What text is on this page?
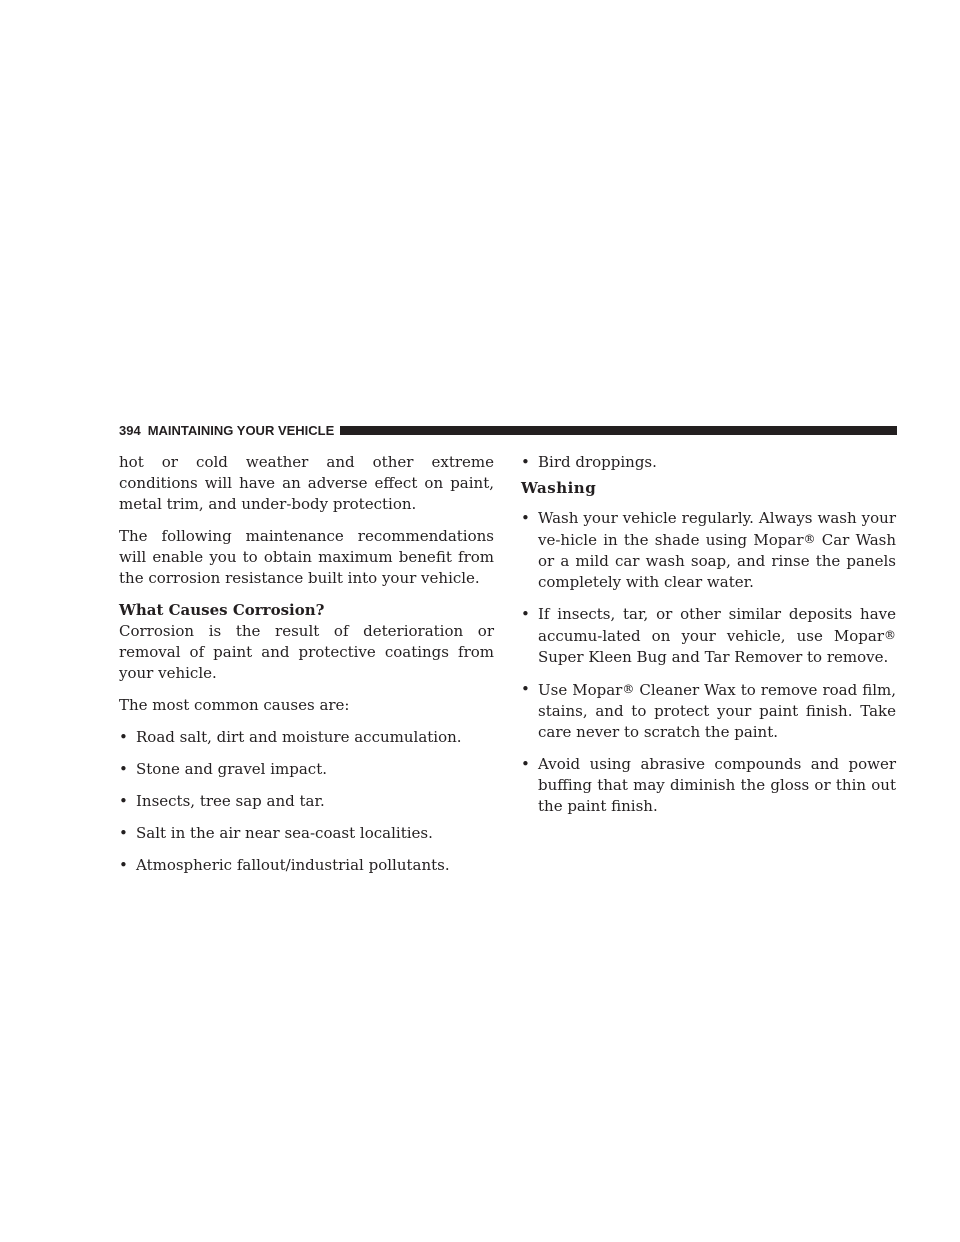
394 MAINTAINING YOUR VEHICLE

hot or cold weather and other extreme conditions will have an adverse effect on paint, metal trim, and under-body protection.

The following maintenance recommendations will enable you to obtain maximum benefit from the corrosion resistance built into your vehicle.

What Causes Corrosion?

Corrosion is the result of deterioration or removal of paint and protective coatings from your vehicle.

The most common causes are:

• Road salt, dirt and moisture accumulation.
• Stone and gravel impact.
• Insects, tree sap and tar.
• Salt in the air near sea-coast localities.
• Atmospheric fallout/industrial pollutants.
• Bird droppings.

Washing

• Wash your vehicle regularly. Always wash your ve-hicle in the shade using Mopar® Car Wash or a mild car wash soap, and rinse the panels completely with clear water.
• If insects, tar, or other similar deposits have accumu-lated on your vehicle, use Mopar® Super Kleen Bug and Tar Remover to remove.
• Use Mopar® Cleaner Wax to remove road film, stains, and to protect your paint finish. Take care never to scratch the paint.
• Avoid using abrasive compounds and power buffing that may diminish the gloss or thin out the paint finish.
